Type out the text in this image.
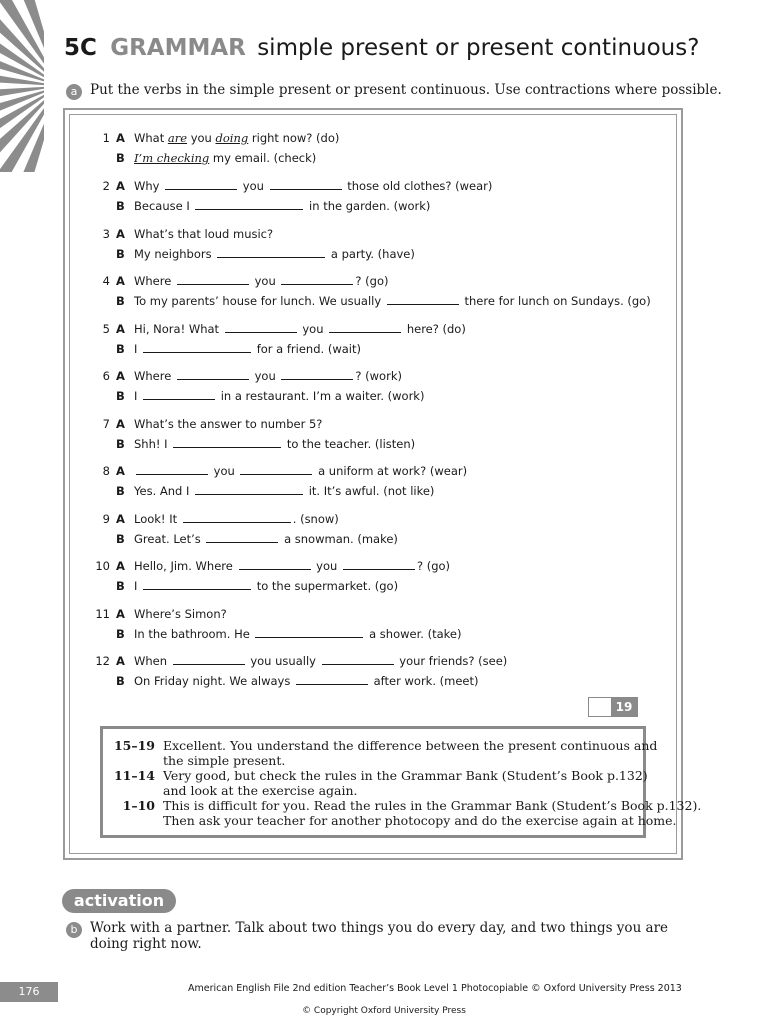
5C GRAMMAR simple present or present continuous?
a Put the verbs in the simple present or present continuous. Use contractions where possible.
1 A What are you doing right now? (do)
B I’m checking my email. (check)
2 A Why	you	those old clothes? (wear)
B Because I	in the garden. (work)
3 A What’s that loud music?
B My neighbors	a party. (have)
4 A Where	you	? (go)
B To my parents’ house for lunch. We usually	there for lunch on Sundays. (go)
5 A Hi, Nora! What	you	here? (do)
B I	for a friend. (wait)
6 A Where	you	? (work)
B I	in a restaurant. I’m a waiter. (work)
7 A What’s the answer to number 5?
B Shh! I	to the teacher. (listen)
8 A	you	a uniform at work? (wear)
B Yes. And I	it. It’s awful. (not like)
9 A Look! It	. (snow)
B Great. Let’s	a snowman. (make)
10 A Hello, Jim. Where	you	? (go)
B I	to the supermarket. (go)
11 A Where’s Simon?
B In the bathroom. He	a shower. (take)
12 A When	you usually	your friends? (see)
B On Friday night. We always	after work. (meet)
19
15–19 Excellent. You understand the difference between the present continuous and
the simple present.
11–14 Very good, but check the rules in the Grammar Bank (Student’s Book p.132)
and look at the exercise again.
1–10 This is difficult for you. Read the rules in the Grammar Bank (Student’s Book p.132).
Then ask your teacher for another photocopy and do the exercise again at home.
activation
b Work with a partner. Talk about two things you do every day, and two things you are
doing right now.
176	American English File 2nd edition Teacher’s Book Level 1 Photocopiable © Oxford University Press 2013
© Copyright Oxford University Press
